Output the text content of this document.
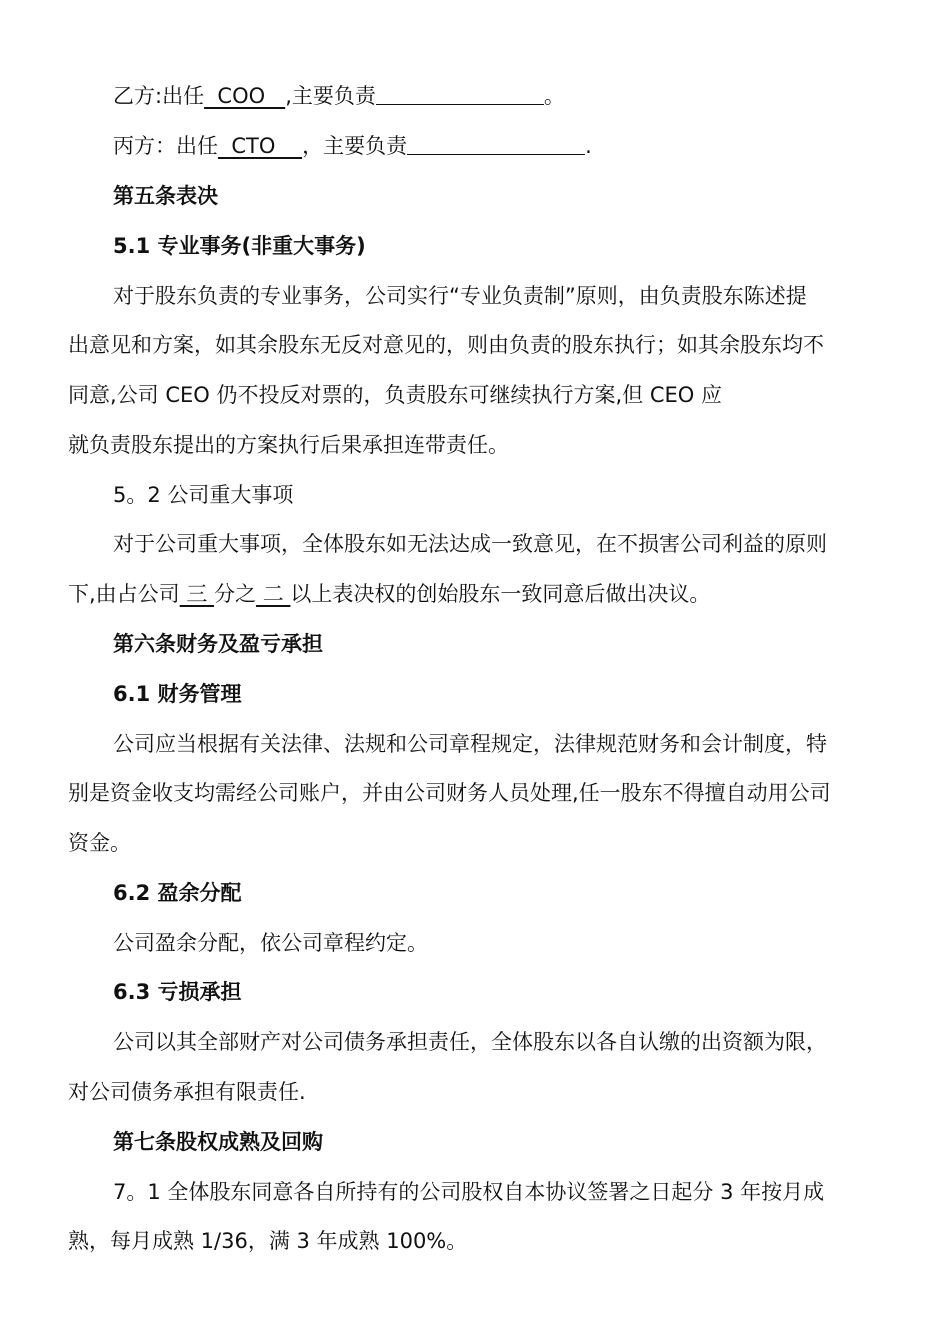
乙方:出任  COO   ,主要负责	。
丙方：出任  CTO    ，主要负责	.
第五条表决
5.1 专业事务(非重大事务)
对于股东负责的专业事务，公司实行“专业负责制”原则，由负责股东陈述提
出意见和方案，如其余股东无反对意见的，则由负责的股东执行；如其余股东均不
同意,公司 CEO 仍不投反对票的，负责股东可继续执行方案,但 CEO 应
就负责股东提出的方案执行后果承担连带责任。
5。2 公司重大事项
对于公司重大事项，全体股东如无法达成一致意见，在不损害公司利益的原则
下,由占公司 三 分之 二 以上表决权的创始股东一致同意后做出决议。
第六条财务及盈亏承担
6.1 财务管理
公司应当根据有关法律、法规和公司章程规定，法律规范财务和会计制度，特
别是资金收支均需经公司账户，并由公司财务人员处理,任一股东不得擅自动用公司
资金。
6.2 盈余分配
公司盈余分配，依公司章程约定。
6.3 亏损承担
公司以其全部财产对公司债务承担责任，全体股东以各自认缴的出资额为限，
对公司债务承担有限责任.
第七条股权成熟及回购
7。1 全体股东同意各自所持有的公司股权自本协议签署之日起分 3 年按月成
熟，每月成熟 1/36，满 3 年成熟 100%。
